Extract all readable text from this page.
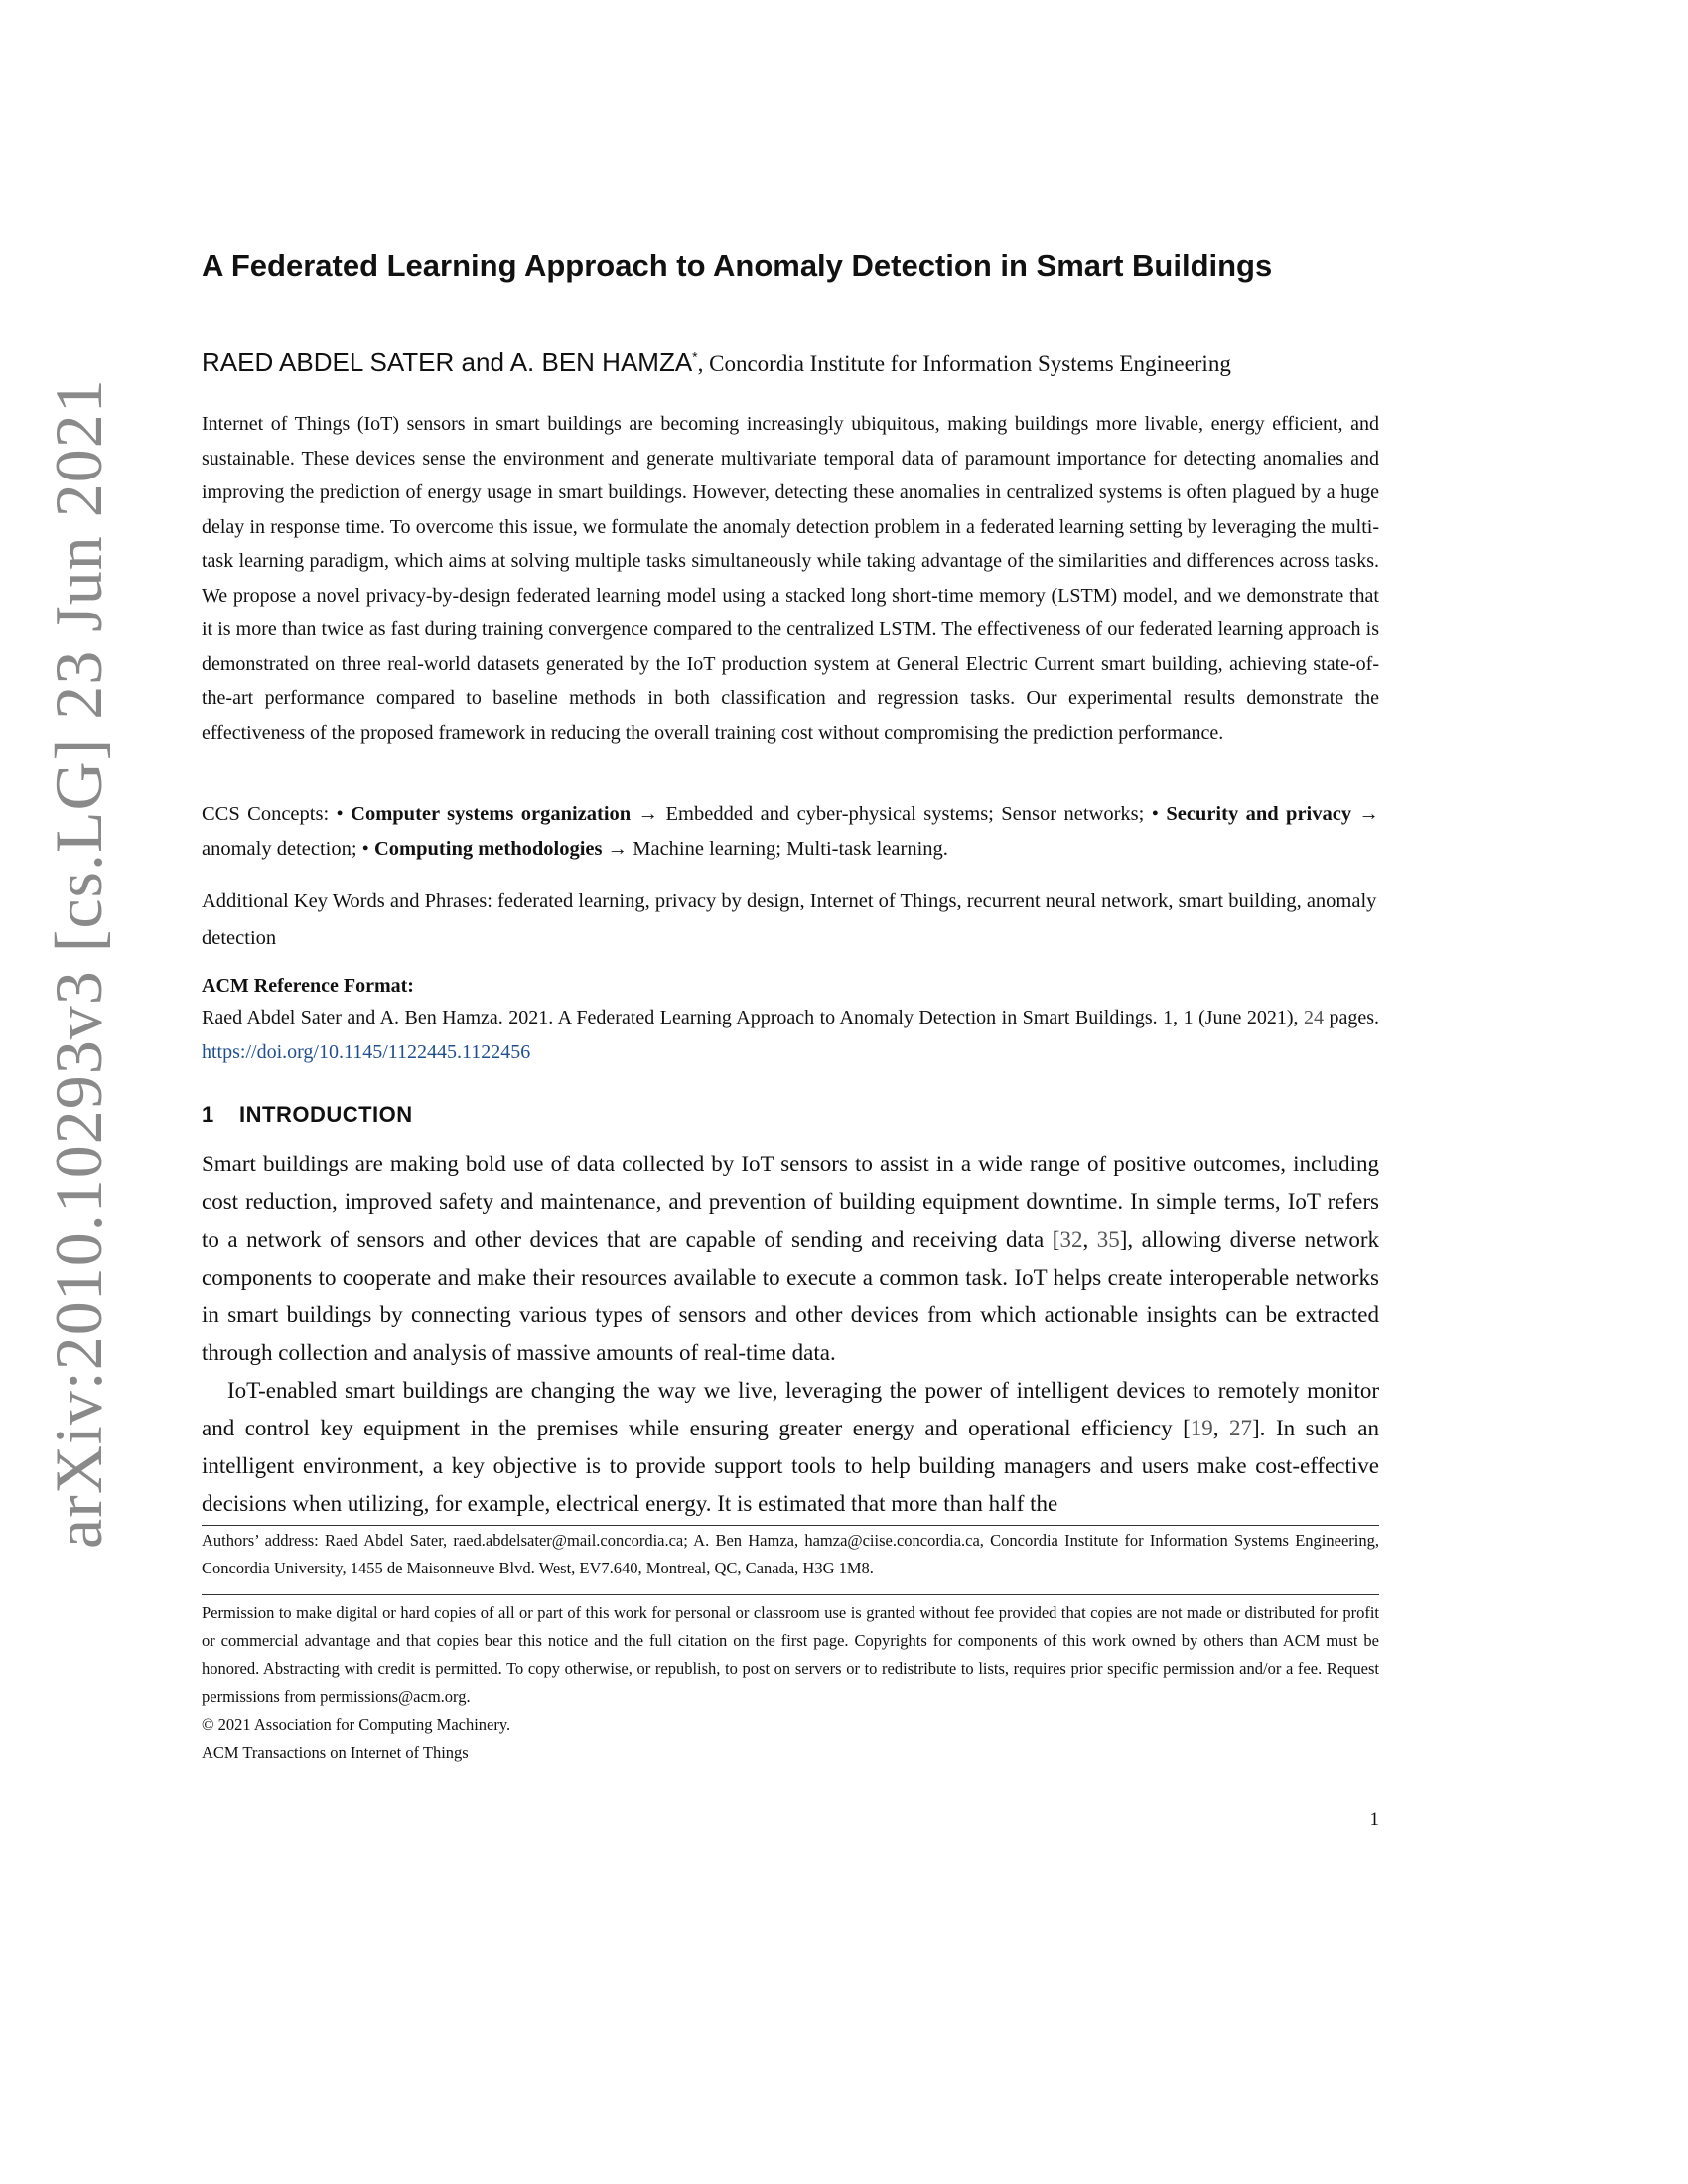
arXiv:2010.10293v3 [cs.LG] 23 Jun 2021
A Federated Learning Approach to Anomaly Detection in Smart Buildings
RAED ABDEL SATER and A. BEN HAMZA*, Concordia Institute for Information Systems Engineering
Internet of Things (IoT) sensors in smart buildings are becoming increasingly ubiquitous, making buildings more livable, energy efficient, and sustainable. These devices sense the environment and generate multivariate temporal data of paramount importance for detecting anomalies and improving the prediction of energy usage in smart buildings. However, detecting these anomalies in centralized systems is often plagued by a huge delay in response time. To overcome this issue, we formulate the anomaly detection problem in a federated learning setting by leveraging the multi-task learning paradigm, which aims at solving multiple tasks simultaneously while taking advantage of the similarities and differences across tasks. We propose a novel privacy-by-design federated learning model using a stacked long short-time memory (LSTM) model, and we demonstrate that it is more than twice as fast during training convergence compared to the centralized LSTM. The effectiveness of our federated learning approach is demonstrated on three real-world datasets generated by the IoT production system at General Electric Current smart building, achieving state-of-the-art performance compared to baseline methods in both classification and regression tasks. Our experimental results demonstrate the effectiveness of the proposed framework in reducing the overall training cost without compromising the prediction performance.
CCS Concepts: • Computer systems organization → Embedded and cyber-physical systems; Sensor networks; • Security and privacy → anomaly detection; • Computing methodologies → Machine learning; Multi-task learning.
Additional Key Words and Phrases: federated learning, privacy by design, Internet of Things, recurrent neural network, smart building, anomaly detection
ACM Reference Format:
Raed Abdel Sater and A. Ben Hamza. 2021. A Federated Learning Approach to Anomaly Detection in Smart Buildings. 1, 1 (June 2021), 24 pages. https://doi.org/10.1145/1122445.1122456
1 INTRODUCTION

Smart buildings are making bold use of data collected by IoT sensors to assist in a wide range of positive outcomes, including cost reduction, improved safety and maintenance, and prevention of building equipment downtime. In simple terms, IoT refers to a network of sensors and other devices that are capable of sending and receiving data [32, 35], allowing diverse network components to cooperate and make their resources available to execute a common task. IoT helps create interoperable networks in smart buildings by connecting various types of sensors and other devices from which actionable insights can be extracted through collection and analysis of massive amounts of real-time data.

IoT-enabled smart buildings are changing the way we live, leveraging the power of intelligent devices to remotely monitor and control key equipment in the premises while ensuring greater energy and operational efficiency [19, 27]. In such an intelligent environment, a key objective is to provide support tools to help building managers and users make cost-effective decisions when utilizing, for example, electrical energy. It is estimated that more than half the

Authors’ address: Raed Abdel Sater, raed.abdelsater@mail.concordia.ca; A. Ben Hamza, hamza@ciise.concordia.ca, Concordia Institute for Information Systems Engineering, Concordia University, 1455 de Maisonneuve Blvd. West, EV7.640, Montreal, QC, Canada, H3G 1M8.
Permission to make digital or hard copies of all or part of this work for personal or classroom use is granted without fee provided that copies are not made or distributed for profit or commercial advantage and that copies bear this notice and the full citation on the first page. Copyrights for components of this work owned by others than ACM must be honored. Abstracting with credit is permitted. To copy otherwise, or republish, to post on servers or to redistribute to lists, requires prior specific permission and/or a fee. Request permissions from permissions@acm.org.
© 2021 Association for Computing Machinery.
ACM Transactions on Internet of Things
1
